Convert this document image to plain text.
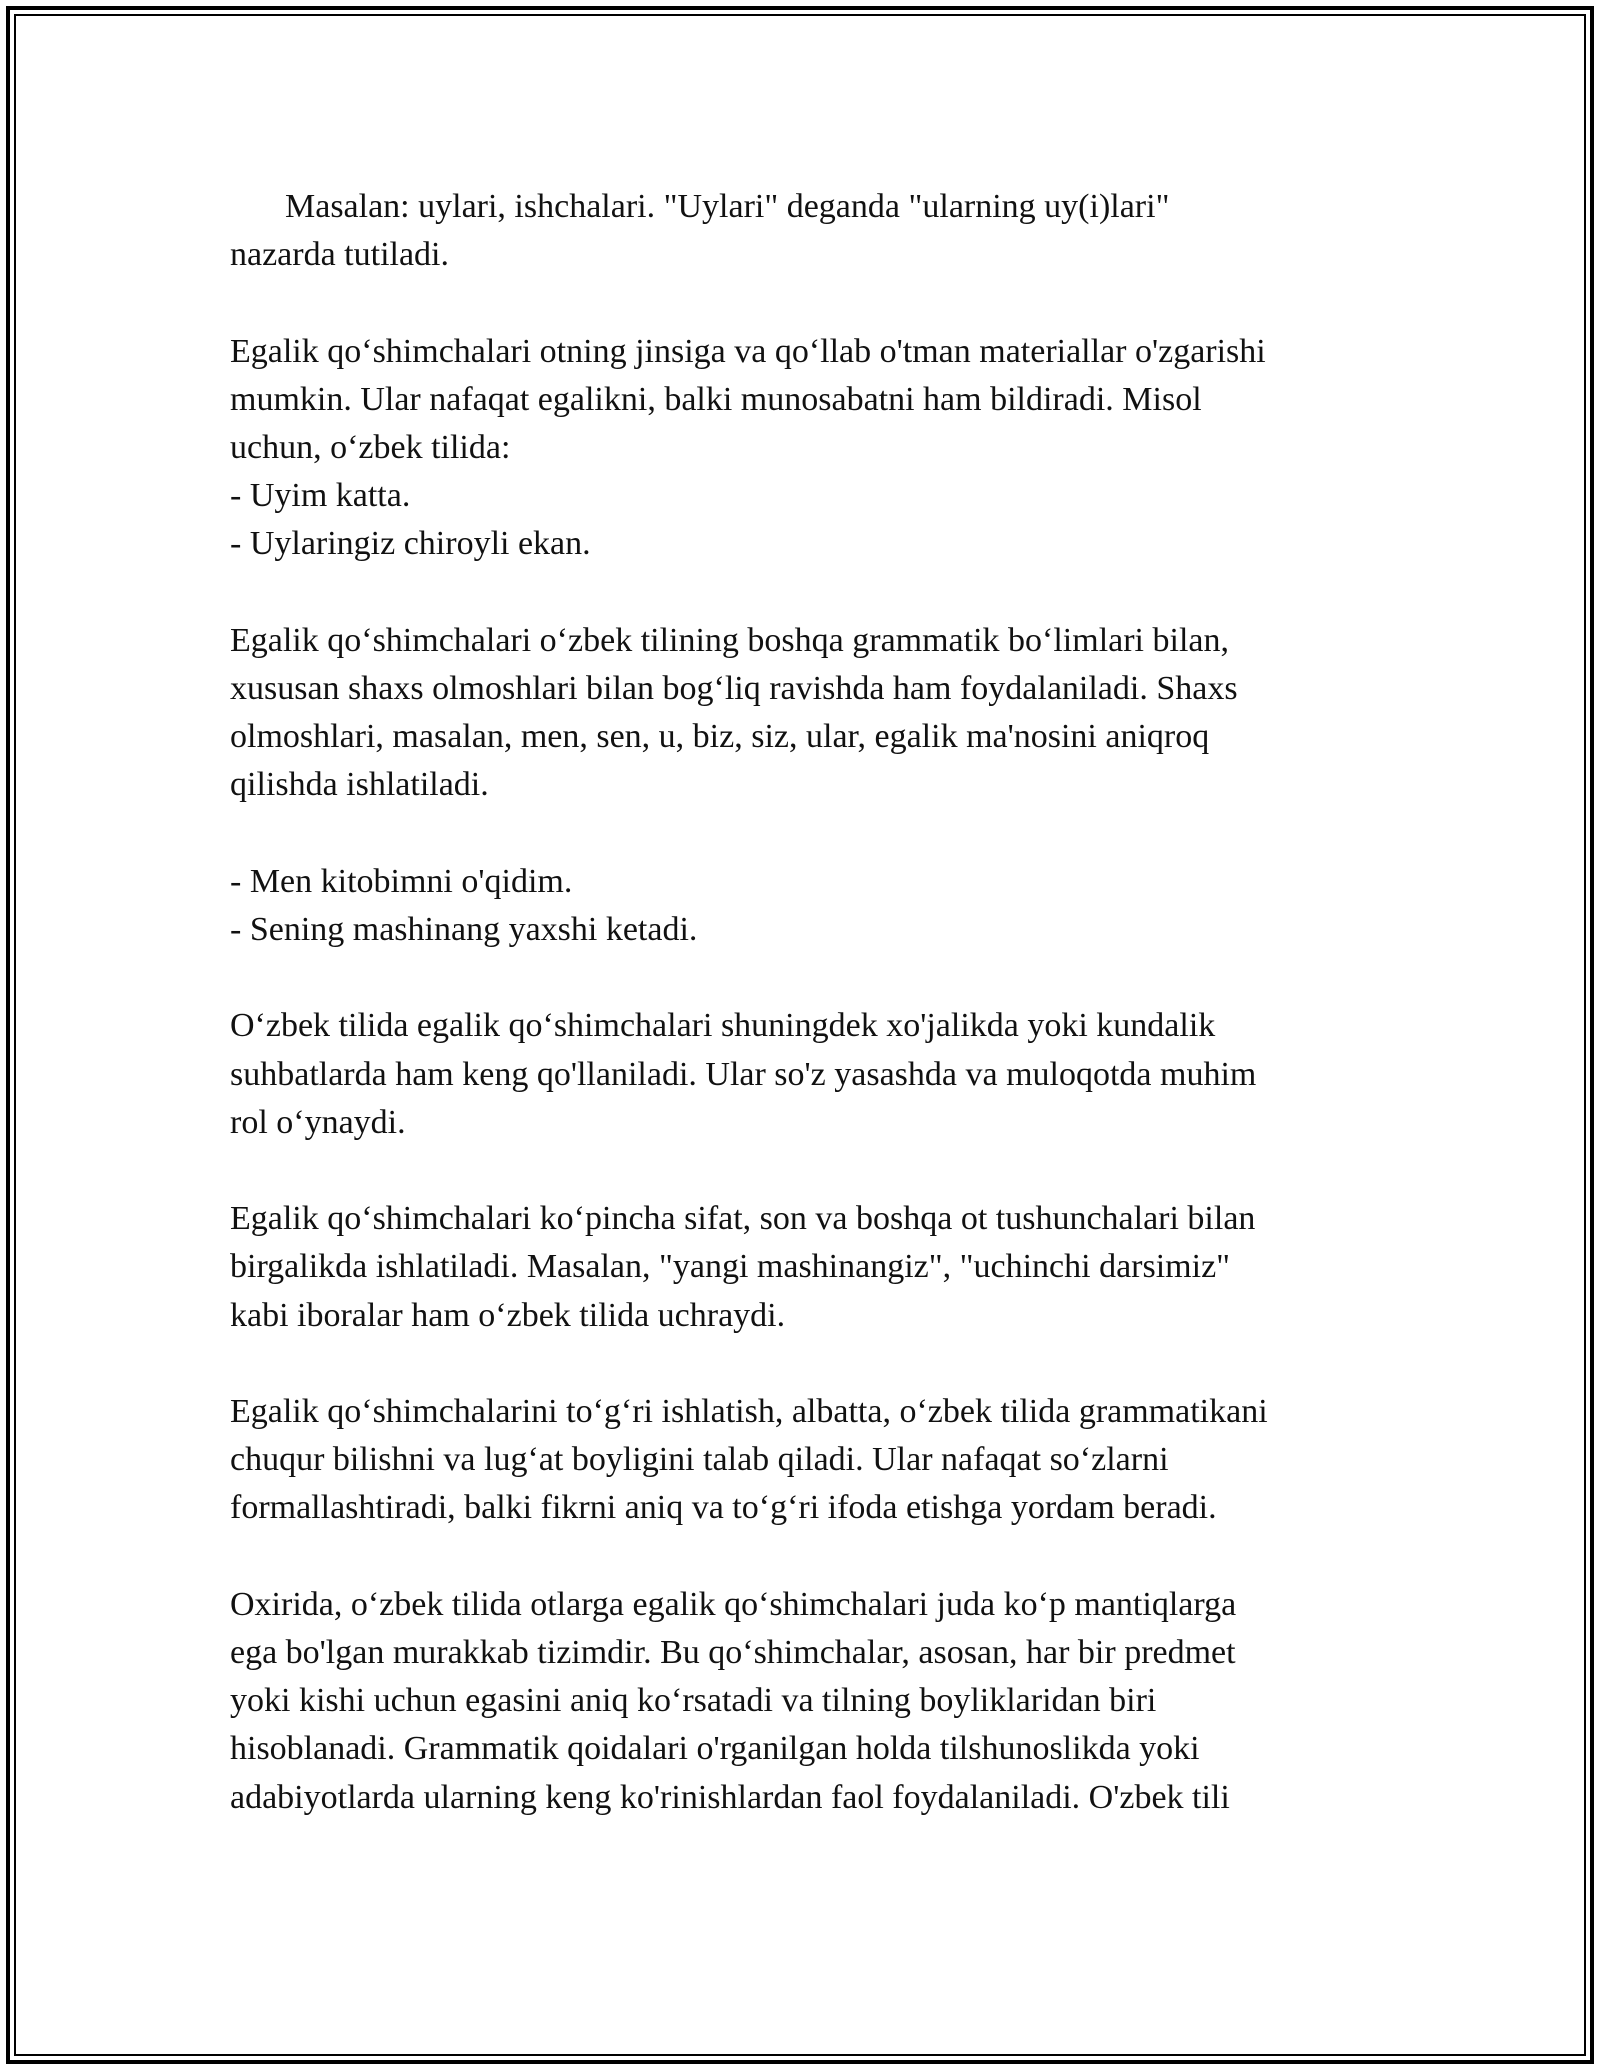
Masalan: uylari, ishchalari. "Uylari" deganda "ularning uy(i)lari"
nazarda tutiladi.
Egalik qo‘shimchalari otning jinsiga va qo‘llab o'tman materiallar o'zgarishi
mumkin. Ular nafaqat egalikni, balki munosabatni ham bildiradi. Misol
uchun, o‘zbek tilida:
- Uyim katta.
- Uylaringiz chiroyli ekan.
Egalik qo‘shimchalari o‘zbek tilining boshqa grammatik bo‘limlari bilan,
xususan shaxs olmoshlari bilan bog‘liq ravishda ham foydalaniladi. Shaxs
olmoshlari, masalan, men, sen, u, biz, siz, ular, egalik ma'nosini aniqroq
qilishda ishlatiladi.
- Men kitobimni o'qidim.
- Sening mashinang yaxshi ketadi.
O‘zbek tilida egalik qo‘shimchalari shuningdek xo'jalikda yoki kundalik
suhbatlarda ham keng qo'llaniladi. Ular so'z yasashda va muloqotda muhim
rol o‘ynaydi.
Egalik qo‘shimchalari ko‘pincha sifat, son va boshqa ot tushunchalari bilan
birgalikda ishlatiladi. Masalan, "yangi mashinangiz", "uchinchi darsimiz"
kabi iboralar ham o‘zbek tilida uchraydi.
Egalik qo‘shimchalarini to‘g‘ri ishlatish, albatta, o‘zbek tilida grammatikani
chuqur bilishni va lug‘at boyligini talab qiladi. Ular nafaqat so‘zlarni
formallashtiradi, balki fikrni aniq va to‘g‘ri ifoda etishga yordam beradi.
Oxirida, o‘zbek tilida otlarga egalik qo‘shimchalari juda ko‘p mantiqlarga
ega bo'lgan murakkab tizimdir. Bu qo‘shimchalar, asosan, har bir predmet
yoki kishi uchun egasini aniq ko‘rsatadi va tilning boyliklaridan biri
hisoblanadi. Grammatik qoidalari o'rganilgan holda tilshunoslikda yoki
adabiyotlarda ularning keng ko'rinishlardan faol foydalaniladi. O'zbek tili
